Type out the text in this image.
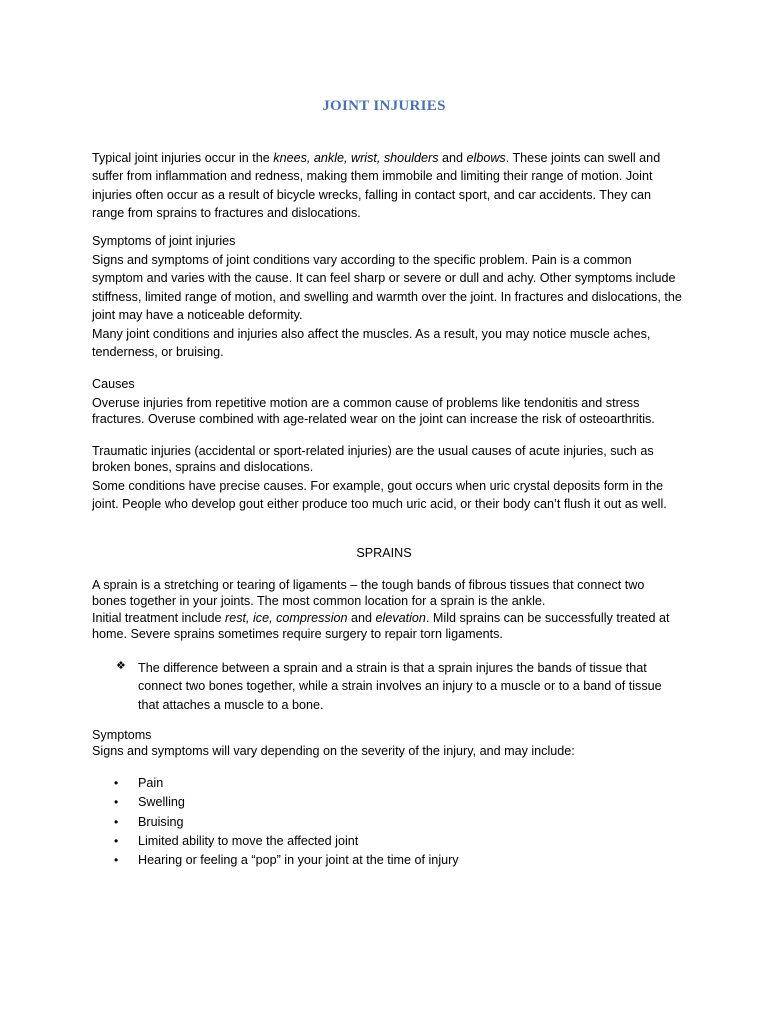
JOINT INJURIES

Typical joint injuries occur in the knees, ankle, wrist, shoulders and elbows. These joints can swell and suffer from inflammation and redness, making them immobile and limiting their range of motion. Joint injuries often occur as a result of bicycle wrecks, falling in contact sport, and car accidents. They can range from sprains to fractures and dislocations.

Symptoms of joint injuries

Signs and symptoms of joint conditions vary according to the specific problem. Pain is a common symptom and varies with the cause. It can feel sharp or severe or dull and achy. Other symptoms include stiffness, limited range of motion, and swelling and warmth over the joint. In fractures and dislocations, the joint may have a noticeable deformity.

Many joint conditions and injuries also affect the muscles. As a result, you may notice muscle aches, tenderness, or bruising.

Causes

Overuse injuries from repetitive motion are a common cause of problems like tendonitis and stress fractures. Overuse combined with age-related wear on the joint can increase the risk of osteoarthritis.

Traumatic injuries (accidental or sport-related injuries) are the usual causes of acute injuries, such as broken bones, sprains and dislocations.

Some conditions have precise causes. For example, gout occurs when uric crystal deposits form in the joint. People who develop gout either produce too much uric acid, or their body can’t flush it out as well.

SPRAINS

A sprain is a stretching or tearing of ligaments – the tough bands of fibrous tissues that connect two bones together in your joints. The most common location for a sprain is the ankle.

Initial treatment include rest, ice, compression and elevation. Mild sprains can be successfully treated at home. Severe sprains sometimes require surgery to repair torn ligaments.

❖ The difference between a sprain and a strain is that a sprain injures the bands of tissue that connect two bones together, while a strain involves an injury to a muscle or to a band of tissue that attaches a muscle to a bone.

Symptoms

Signs and symptoms will vary depending on the severity of the injury, and may include:

• Pain
• Swelling
• Bruising
• Limited ability to move the affected joint
• Hearing or feeling a “pop” in your joint at the time of injury
